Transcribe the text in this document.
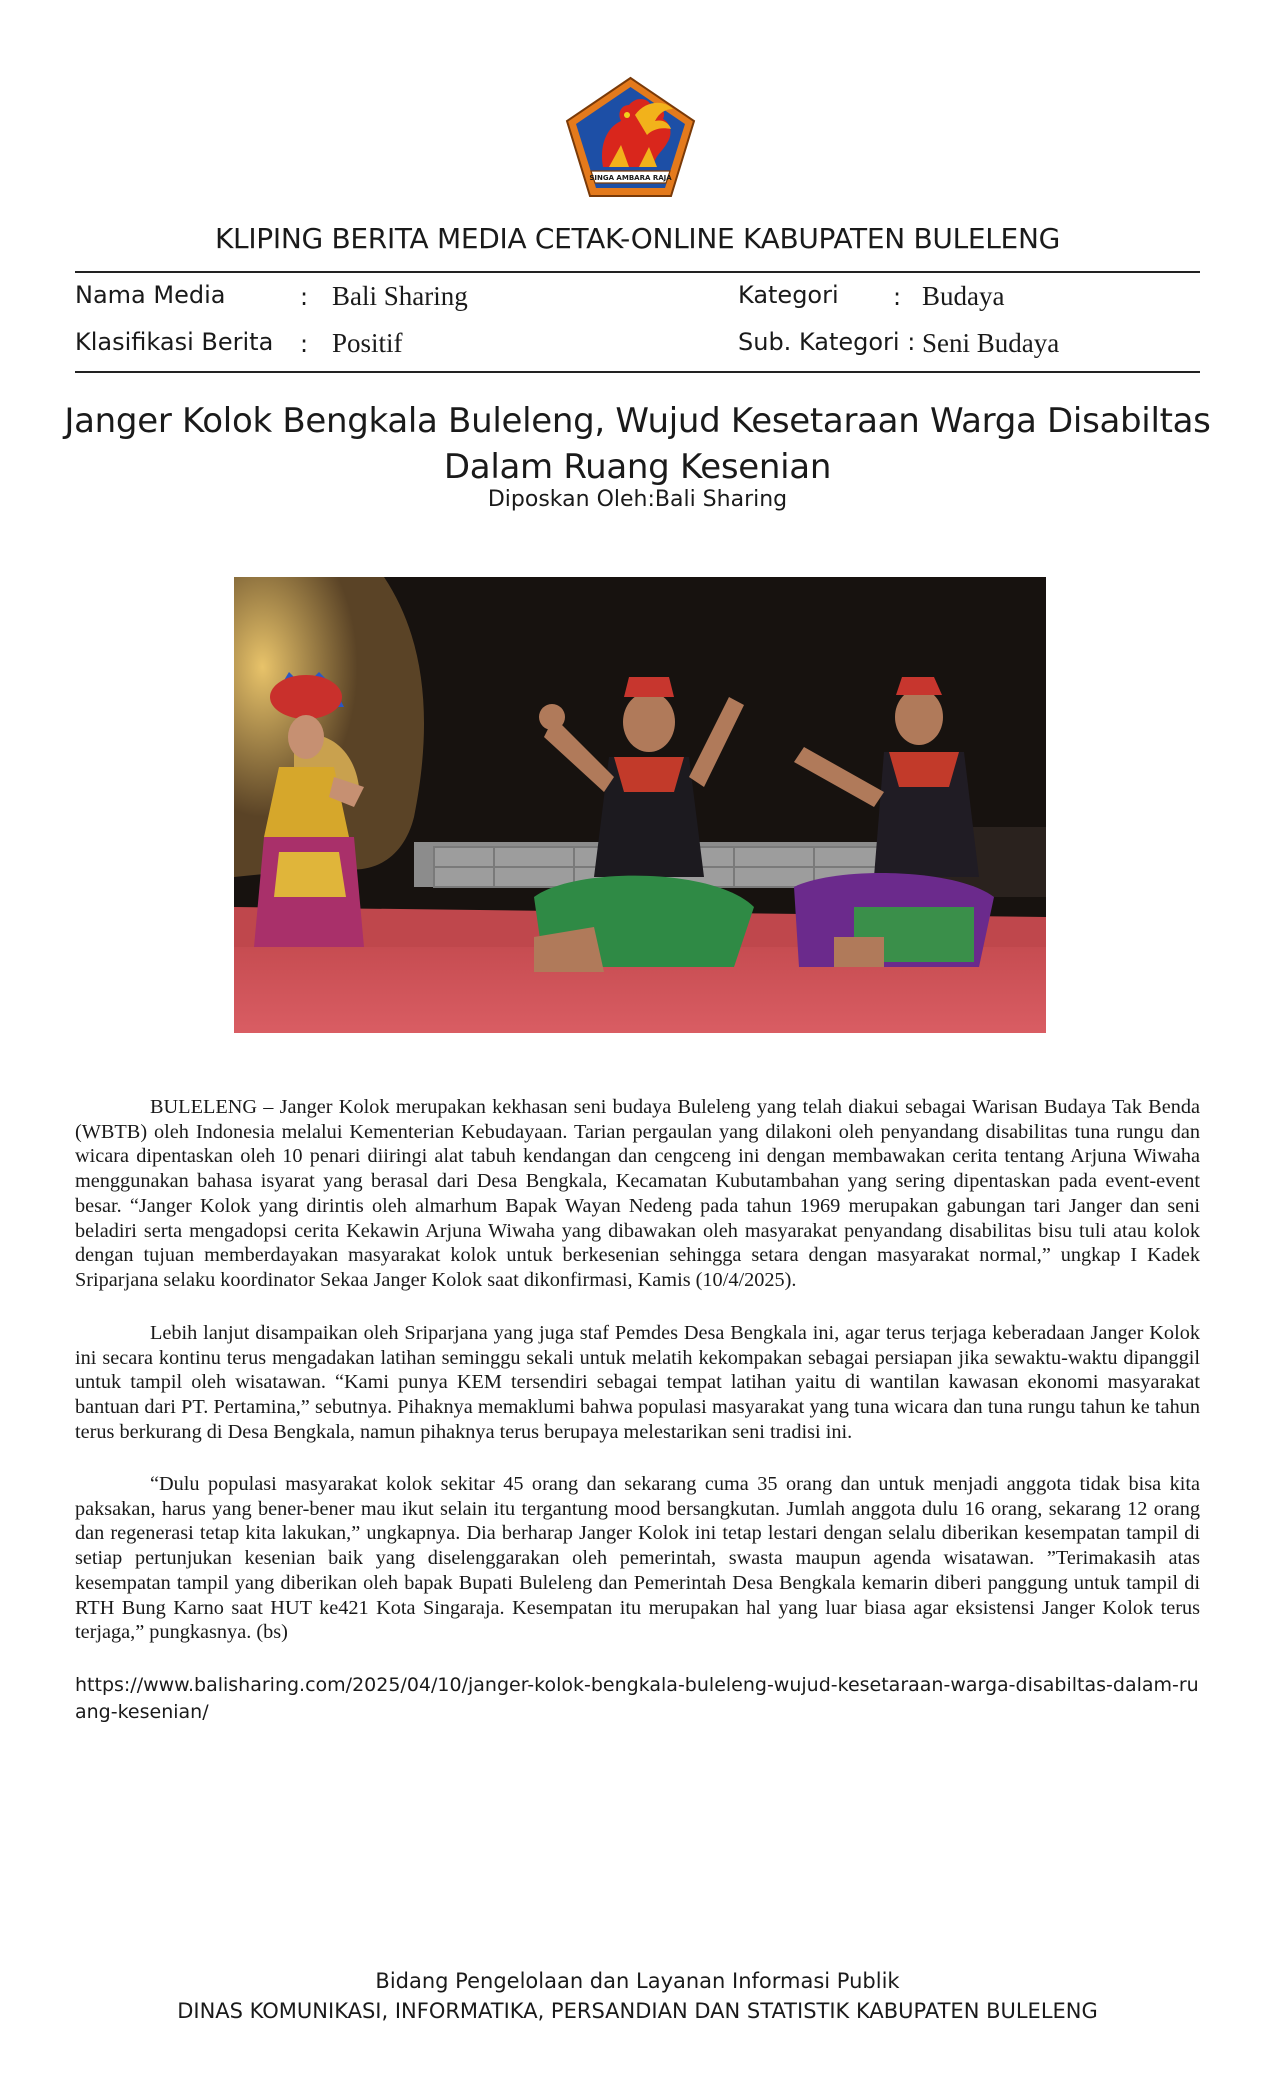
SINGA AMBARA RAJA
KLIPING BERITA MEDIA CETAK-ONLINE KABUPATEN BULELENG
Nama Media	: Bali Sharing
Klasifikasi Berita : Positif
Kategori : Budaya
Sub. Kategori : Seni Budaya
Janger Kolok Bengkala Buleleng, Wujud Kesetaraan Warga Disabiltas
Dalam Ruang Kesenian
Diposkan Oleh:Bali Sharing

BULELENG – Janger Kolok merupakan kekhasan seni budaya Buleleng yang telah diakui sebagai Warisan Budaya Tak Benda (WBTB) oleh Indonesia melalui Kementerian Kebudayaan. Tarian pergaulan yang dilakoni oleh penyandang disabilitas tuna rungu dan wicara dipentaskan oleh 10 penari diiringi alat tabuh kendangan dan cengceng ini dengan membawakan cerita tentang Arjuna Wiwaha menggunakan bahasa isyarat yang berasal dari Desa Bengkala, Kecamatan Kubutambahan yang sering dipentaskan pada event-event besar. “Janger Kolok yang dirintis oleh almarhum Bapak Wayan Nedeng pada tahun 1969 merupakan gabungan tari Janger dan seni beladiri serta mengadopsi cerita Kekawin Arjuna Wiwaha yang dibawakan oleh masyarakat penyandang disabilitas bisu tuli atau kolok dengan tujuan memberdayakan masyarakat kolok untuk berkesenian sehingga setara dengan masyarakat normal,” ungkap I Kadek Sriparjana selaku koordinator Sekaa Janger Kolok saat dikonfirmasi, Kamis (10/4/2025).

Lebih lanjut disampaikan oleh Sriparjana yang juga staf Pemdes Desa Bengkala ini, agar terus terjaga keberadaan Janger Kolok ini secara kontinu terus mengadakan latihan seminggu sekali untuk melatih kekompakan sebagai persiapan jika sewaktu-waktu dipanggil untuk tampil oleh wisatawan. “Kami punya KEM tersendiri sebagai tempat latihan yaitu di wantilan kawasan ekonomi masyarakat bantuan dari PT. Pertamina,” sebutnya. Pihaknya memaklumi bahwa populasi masyarakat yang tuna wicara dan tuna rungu tahun ke tahun terus berkurang di Desa Bengkala, namun pihaknya terus berupaya melestarikan seni tradisi ini.

“Dulu populasi masyarakat kolok sekitar 45 orang dan sekarang cuma 35 orang dan untuk menjadi anggota tidak bisa kita paksakan, harus yang bener-bener mau ikut selain itu tergantung mood bersangkutan. Jumlah anggota dulu 16 orang, sekarang 12 orang dan regenerasi tetap kita lakukan,” ungkapnya. Dia berharap Janger Kolok ini tetap lestari dengan selalu diberikan kesempatan tampil di setiap pertunjukan kesenian baik yang diselenggarakan oleh pemerintah, swasta maupun agenda wisatawan. ”Terimakasih atas kesempatan tampil yang diberikan oleh bapak Bupati Buleleng dan Pemerintah Desa Bengkala kemarin diberi panggung untuk tampil di RTH Bung Karno saat HUT ke421 Kota Singaraja. Kesempatan itu merupakan hal yang luar biasa agar eksistensi Janger Kolok terus terjaga,” pungkasnya. (bs)

https://www.balisharing.com/2025/04/10/janger-kolok-bengkala-buleleng-wujud-kesetaraan-warga-disabiltas-dalam-ruang-kesenian/
Bidang Pengelolaan dan Layanan Informasi Publik
DINAS KOMUNIKASI, INFORMATIKA, PERSANDIAN DAN STATISTIK KABUPATEN BULELENG
